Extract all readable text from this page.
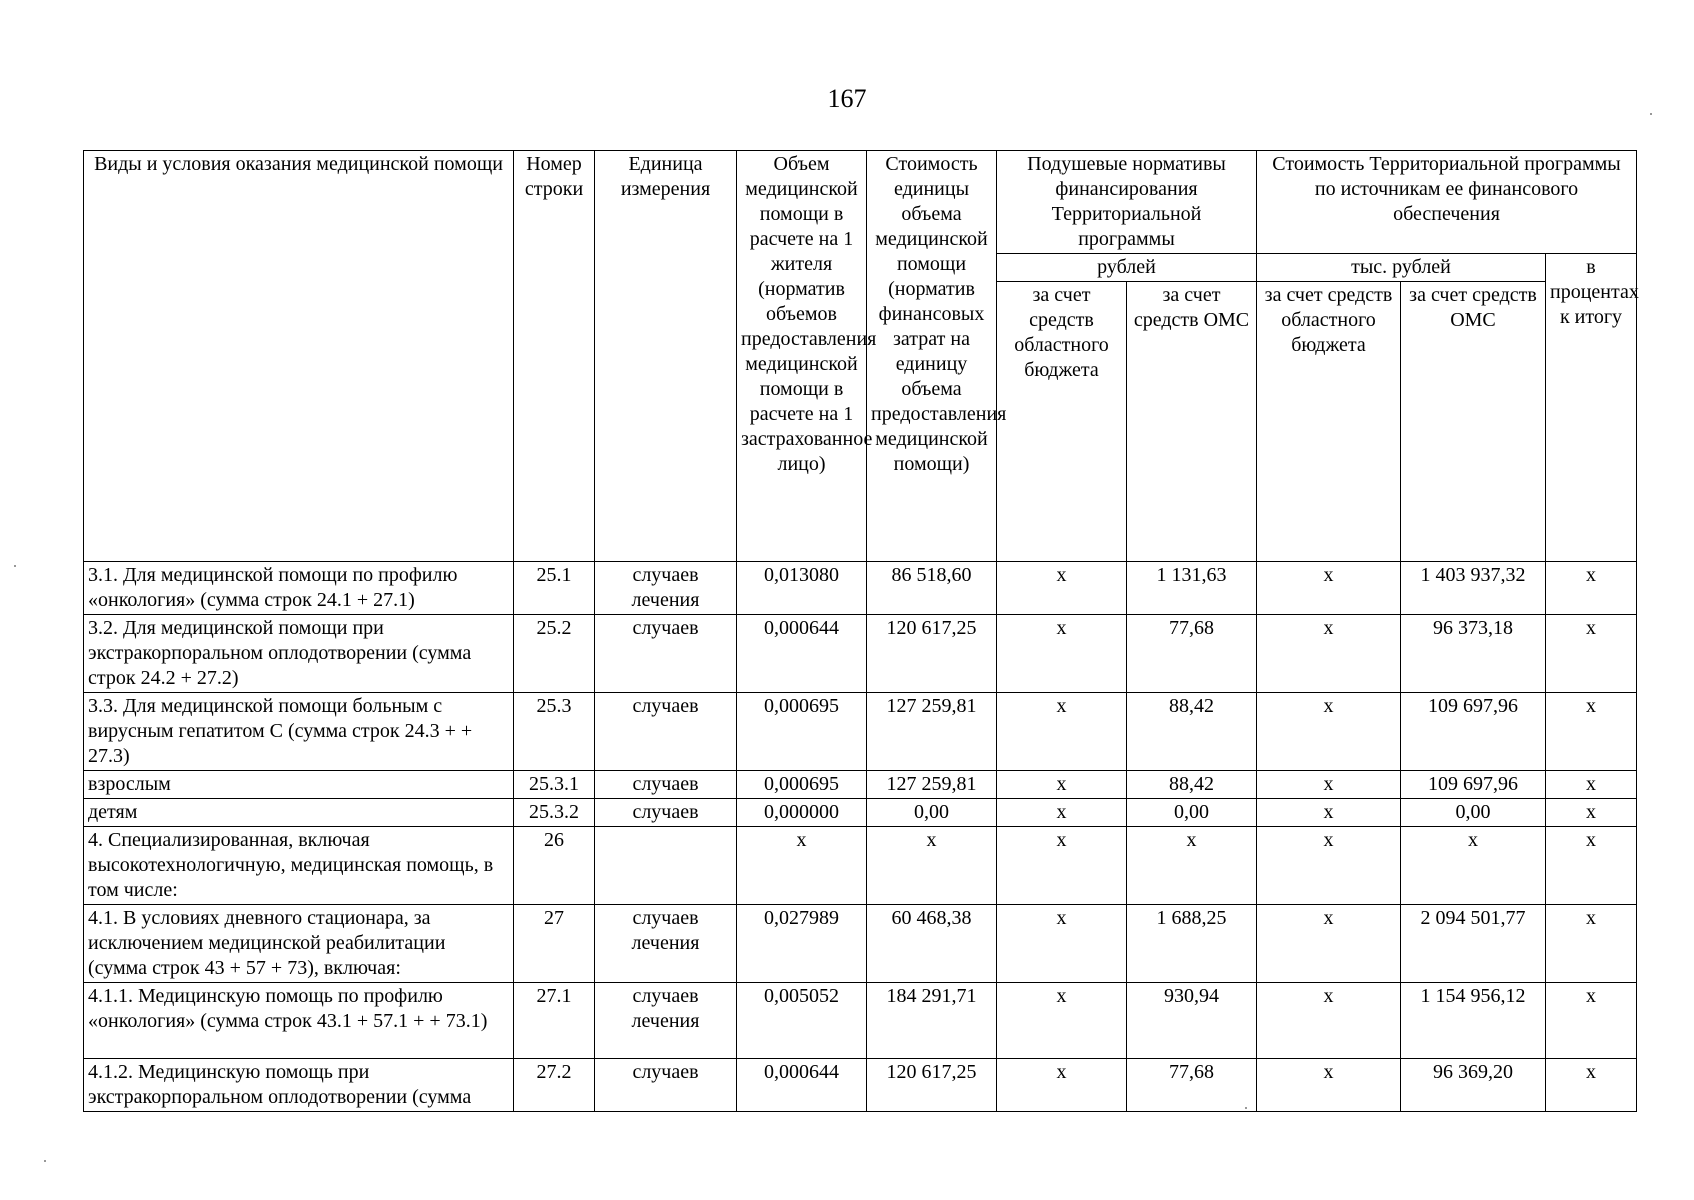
167
Виды и условия оказания медицинской помощи	Номер строки	Единица измерения	Объем медицинской помощи в расчете на 1 жителя (норматив объемов предоставления медицинской помощи в расчете на 1 застрахованное лицо)	Стоимость единицы объема медицинской помощи (норматив финансовых затрат на единицу объема предоставления медицинской помощи)	Подушевые нормативы финансирования Территориальной программы		Стоимость Территориальной программы по источникам ее финансового обеспечения		
					рублей		тыс. рублей		в процентах к итогу
					за счет средств областного бюджета	за счет средств ОМС	за счет средств областного бюджета	за счет средств ОМС	
3.1. Для медицинской помощи по профилю «онкология» (сумма строк 24.1 + 27.1)	25.1	случаев лечения	0,013080	86 518,60	х	1 131,63	х	1 403 937,32	х
3.2. Для медицинской помощи при экстракорпоральном оплодотворении (сумма строк 24.2 + 27.2)	25.2	случаев	0,000644	120 617,25	х	77,68	х	96 373,18	х
3.3. Для медицинской помощи больным с вирусным гепатитом С (сумма строк 24.3 + + 27.3)	25.3	случаев	0,000695	127 259,81	х	88,42	х	109 697,96	х
взрослым	25.3.1	случаев	0,000695	127 259,81	х	88,42	х	109 697,96	х
детям	25.3.2	случаев	0,000000	0,00	х	0,00	х	0,00	х
4. Специализированная, включая высокотехнологичную, медицинская помощь, в том числе:	26		х	х	х	х	х	х	х
4.1. В условиях дневного стационара, за исключением медицинской реабилитации (сумма строк 43 + 57 + 73), включая:	27	случаев лечения	0,027989	60 468,38	х	1 688,25	х	2 094 501,77	х
4.1.1. Медицинскую помощь по профилю «онкология» (сумма строк 43.1 + 57.1 + + 73.1)	27.1	случаев лечения	0,005052	184 291,71	х	930,94	х	1 154 956,12	х
4.1.2. Медицинскую помощь при экстракорпоральном оплодотворении (сумма	27.2	случаев	0,000644	120 617,25	х	77,68	х	96 369,20	х
